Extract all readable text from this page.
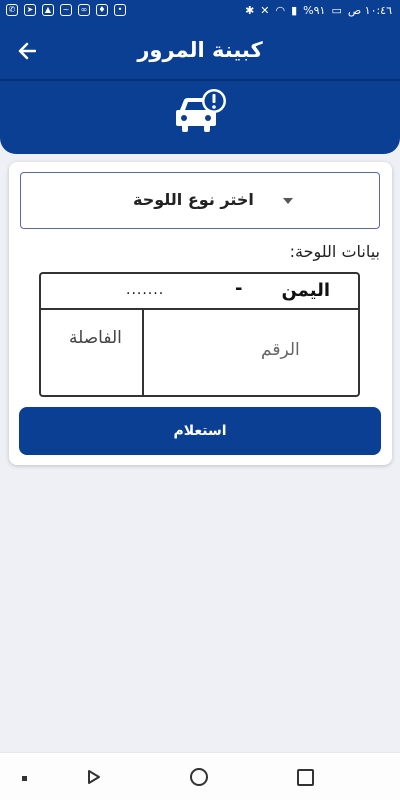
✆	➤	▲	~	∞	♦	•	✱ ✕ ◠ ▮ %٩١ ▭ ١٠:٤٦ ص
كبينة المرور
اختر نوع اللوحة
بيانات اللوحة:
اليمن
-
.......
الفاصلة
الرقم
استعلام
